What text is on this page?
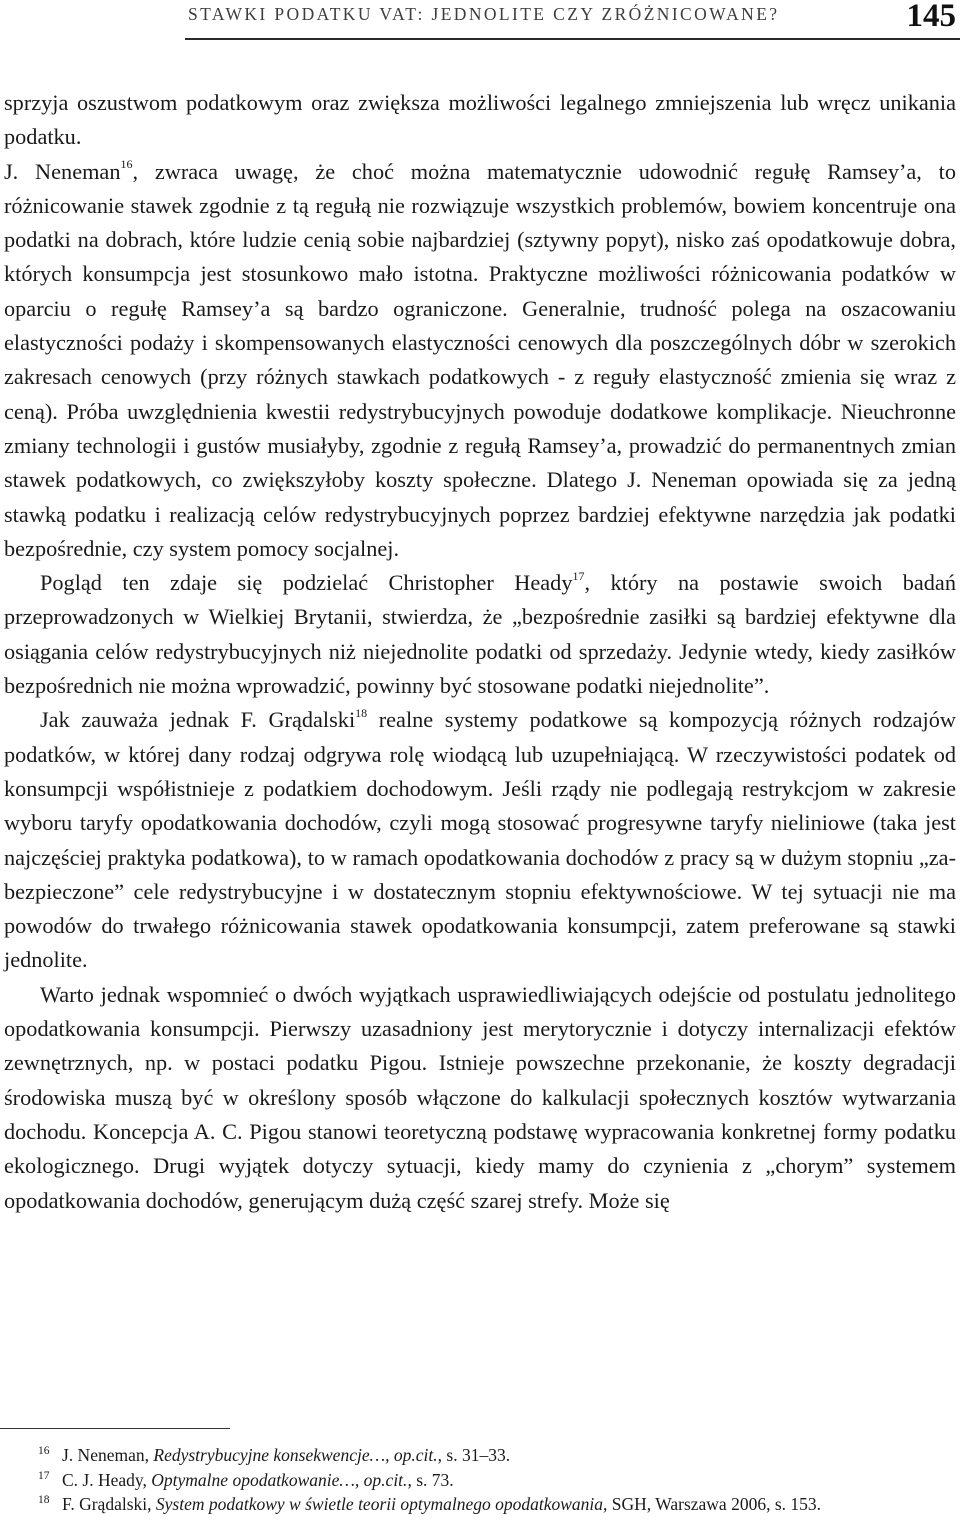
STAWKI PODATKU VAT: JEDNOLITE CZY ZRÓŻNICOWANE?	145

sprzyja oszustwom podatkowym oraz zwiększa możliwości legalnego zmniejszenia lub wręcz unikania podatku.

J. Neneman$^{16}$, zwraca uwagę, że choć można matematycznie udowodnić regułę Ramsey’a, to różnicowanie stawek zgodnie z tą regułą nie rozwiązuje wszystkich problemów, bowiem koncentruje ona podatki na dobrach, które ludzie cenią sobie najbardziej (sztywny popyt), nisko zaś opodatkowuje dobra, których konsumpcja jest stosunkowo mało istotna. Praktyczne możliwości różnicowania podatków w oparciu o regułę Ramsey’a są bardzo ograniczone. Generalnie, trudność polega na oszacowaniu elastyczności podaży i skompensowanych elastyczności cenowych dla poszczególnych dóbr w szerokich zakresach cenowych (przy różnych stawkach podatkowych - z reguły elastyczność zmienia się wraz z ceną). Próba uwzględnienia kwestii redystrybucyjnych powoduje dodatkowe komplikacje. Nieuchronne zmiany technologii i gustów musiałyby, zgodnie z regułą Ramsey’a, prowadzić do permanentnych zmian stawek podatkowych, co zwiększyłoby koszty społeczne. Dlatego J. Neneman opowiada się za jedną stawką podatku i realizacją celów redystrybucyjnych poprzez bardziej efektywne narzędzia jak podatki bezpośrednie, czy system pomocy socjalnej.

Pogląd ten zdaje się podzielać Christopher Heady$^{17}$, który na postawie swoich badań przeprowadzonych w Wielkiej Brytanii, stwierdza, że „bezpośrednie zasiłki są bardziej efektywne dla osiągania celów redystrybucyjnych niż niejednolite podatki od sprzedaży. Jedynie wtedy, kiedy zasiłków bezpośrednich nie można wprowadzić, powinny być stosowane podatki niejednolite”.

Jak zauważa jednak F. Grądalski$^{18}$ realne systemy podatkowe są kompozycją różnych rodzajów podatków, w której dany rodzaj odgrywa rolę wiodącą lub uzupełniającą. W rzeczywistości podatek od konsumpcji współistnieje z podatkiem dochodowym. Jeśli rządy nie podlegają restrykcjom w zakresie wyboru taryfy opodatkowania dochodów, czyli mogą stosować progresywne taryfy nieliniowe (taka jest najczęściej praktyka podatkowa), to w ramach opodatkowania dochodów z pracy są w dużym stopniu „zabezpieczone” cele redystrybucyjne i w dostatecznym stopniu efektywnościowe. W tej sytuacji nie ma powodów do trwałego różnicowania stawek opodatkowania konsumpcji, zatem preferowane są stawki jednolite.

Warto jednak wspomnieć o dwóch wyjątkach usprawiedliwiających odejście od postulatu jednolitego opodatkowania konsumpcji. Pierwszy uzasadniony jest merytorycznie i dotyczy internalizacji efektów zewnętrznych, np. w postaci podatku Pigou. Istnieje powszechne przekonanie, że koszty degradacji środowiska muszą być w określony sposób włączone do kalkulacji społecznych kosztów wytwarzania dochodu. Koncepcja A. C. Pigou stanowi teoretyczną podstawę wypracowania konkretnej formy podatku ekologicznego. Drugi wyjątek dotyczy sytuacji, kiedy mamy do czynienia z „chorym” systemem opodatkowania dochodów, generującym dużą część szarej strefy. Może się

16 J. Neneman, Redystrybucyjne konsekwencje…, op.cit., s. 31–33.
17 C. J. Heady, Optymalne opodatkowanie…, op.cit., s. 73.
18 F. Grądalski, System podatkowy w świetle teorii optymalnego opodatkowania, SGH, Warszawa 2006, s. 153.
